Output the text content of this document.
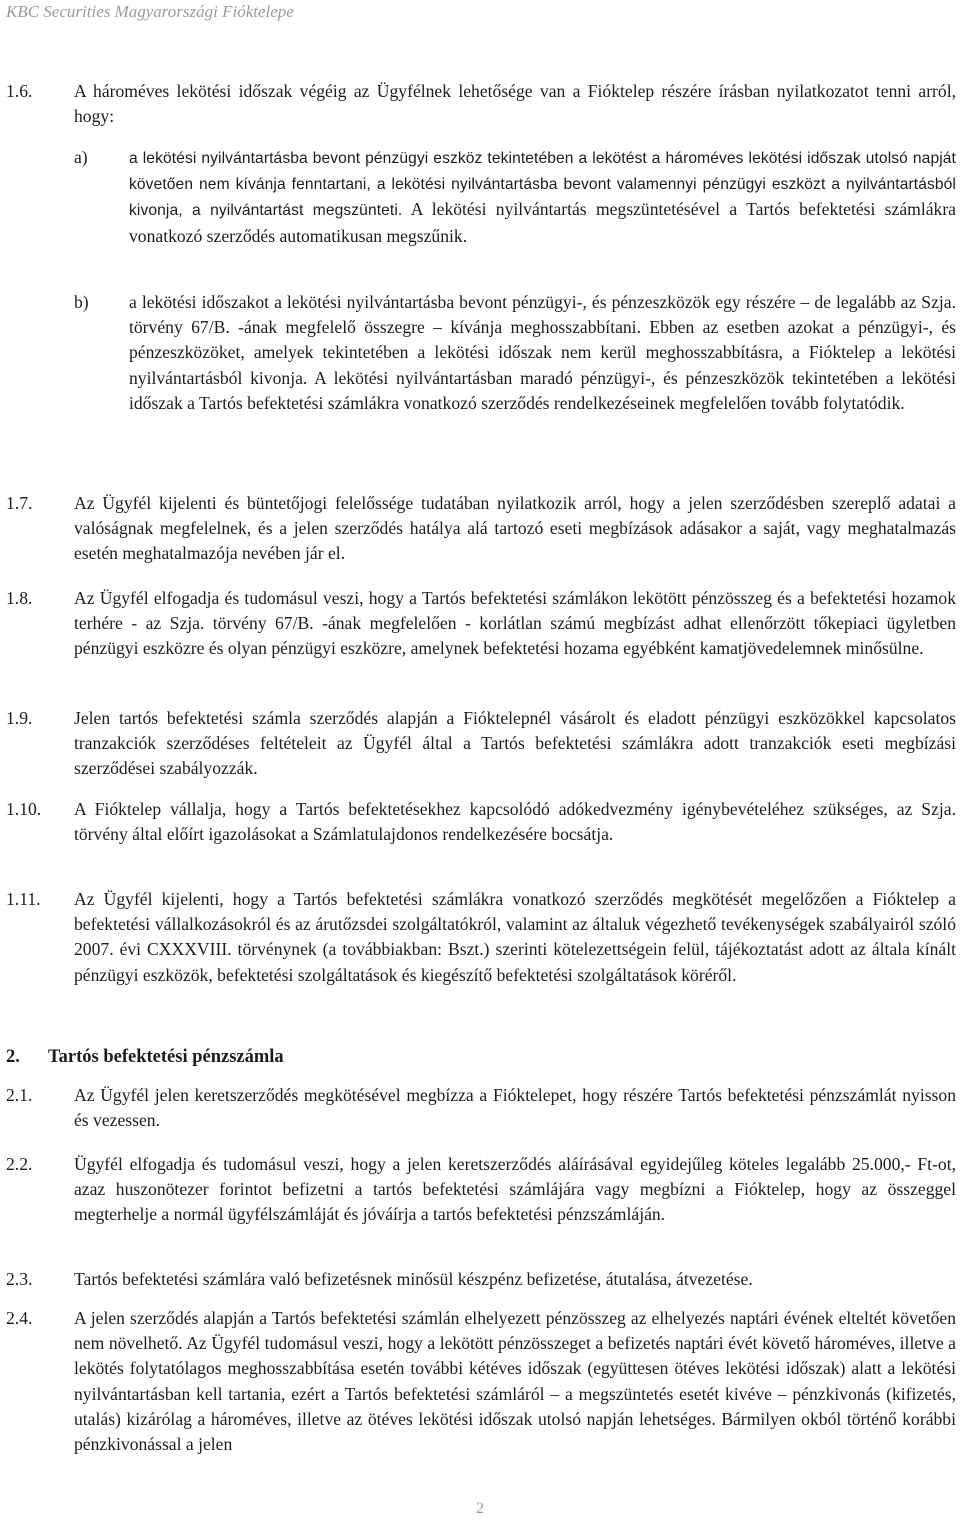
KBC Securities Magyarországi Fióktelepe
1.6. A hároméves lekötési időszak végéig az Ügyfélnek lehetősége van a Fióktelep részére írásban nyilatkozatot tenni arról, hogy:
a)	a lekötési nyilvántartásba bevont pénzügyi eszköz tekintetében a lekötést a hároméves lekötési időszak utolsó napját követően nem kívánja fenntartani, a lekötési nyilvántartásba bevont valamennyi pénzügyi eszközt a nyilvántartásból kivonja, a nyilvántartást megszünteti. A lekötési nyilvántartás megszüntetésével a Tartós befektetési számlákra vonatkozó szerződés automatikusan megszűnik.
b) a lekötési időszakot a lekötési nyilvántartásba bevont pénzügyi-, és pénzeszközök egy részére – de legalább az Szja. törvény 67/B. -ának megfelelő összegre – kívánja meghosszabbítani. Ebben az esetben azokat a pénzügyi-, és pénzeszközöket, amelyek tekintetében a lekötési időszak nem kerül meghosszabbításra, a Fióktelep a lekötési nyilvántartásból kivonja. A lekötési nyilvántartásban maradó pénzügyi-, és pénzeszközök tekintetében a lekötési időszak a Tartós befektetési számlákra vonatkozó szerződés rendelkezéseinek megfelelően tovább folytatódik.
1.7. Az Ügyfél kijelenti és büntetőjogi felelőssége tudatában nyilatkozik arról, hogy a jelen szerződésben szereplő adatai a valóságnak megfelelnek, és a jelen szerződés hatálya alá tartozó eseti megbízások adásakor a saját, vagy meghatalmazás esetén meghatalmazója nevében jár el.
1.8. Az Ügyfél elfogadja és tudomásul veszi, hogy a Tartós befektetési számlákon lekötött pénzösszeg és a befektetési hozamok terhére - az Szja. törvény 67/B. -ának megfelelően - korlátlan számú megbízást adhat ellenőrzött tőkepiaci ügyletben pénzügyi eszközre és olyan pénzügyi eszközre, amelynek befektetési hozama egyébként kamatjövedelemnek minősülne.
1.9. Jelen tartós befektetési számla szerződés alapján a Fióktelepnél vásárolt és eladott pénzügyi eszközökkel kapcsolatos tranzakciók szerződéses feltételeit az Ügyfél által a Tartós befektetési számlákra adott tranzakciók eseti megbízási szerződései szabályozzák.
1.10. A Fióktelep vállalja, hogy a Tartós befektetésekhez kapcsolódó adókedvezmény igénybevételéhez szükséges, az Szja. törvény által előírt igazolásokat a Számlatulajdonos rendelkezésére bocsátja.
1.11. Az Ügyfél kijelenti, hogy a Tartós befektetési számlákra vonatkozó szerződés megkötését megelőzően a Fióktelep a befektetési vállalkozásokról és az árutőzsdei szolgáltatókról, valamint az általuk végezhető tevékenységek szabályairól szóló 2007. évi CXXXVIII. törvénynek (a továbbiakban: Bszt.) szerinti kötelezettségein felül, tájékoztatást adott az általa kínált pénzügyi eszközök, befektetési szolgáltatások és kiegészítő befektetési szolgáltatások köréről.
2. Tartós befektetési pénzszámla
2.1. Az Ügyfél jelen keretszerződés megkötésével megbízza a Fióktelepet, hogy részére Tartós befektetési pénzszámlát nyisson és vezessen.
2.2. Ügyfél elfogadja és tudomásul veszi, hogy a jelen keretszerződés aláírásával egyidejűleg köteles legalább 25.000,- Ft-ot, azaz huszonötezer forintot befizetni a tartós befektetési számlájára vagy megbízni a Fióktelep, hogy az összeggel megterhelje a normál ügyfélszámláját és jóváírja a tartós befektetési pénzszámláján.
2.3. Tartós befektetési számlára való befizetésnek minősül készpénz befizetése, átutalása, átvezetése.
2.4. A jelen szerződés alapján a Tartós befektetési számlán elhelyezett pénzösszeg az elhelyezés naptári évének elteltét követően nem növelhető. Az Ügyfél tudomásul veszi, hogy a lekötött pénzösszeget a befizetés naptári évét követő hároméves, illetve a lekötés folytatólagos meghosszabbítása esetén további kétéves időszak (együttesen ötéves lekötési időszak) alatt a lekötési nyilvántartásban kell tartania, ezért a Tartós befektetési számláról – a megszüntetés esetét kivéve – pénzkivonás (kifizetés, utalás) kizárólag a hároméves, illetve az ötéves lekötési időszak utolsó napján lehetséges. Bármilyen okból történő korábbi pénzkivonással a jelen
2
